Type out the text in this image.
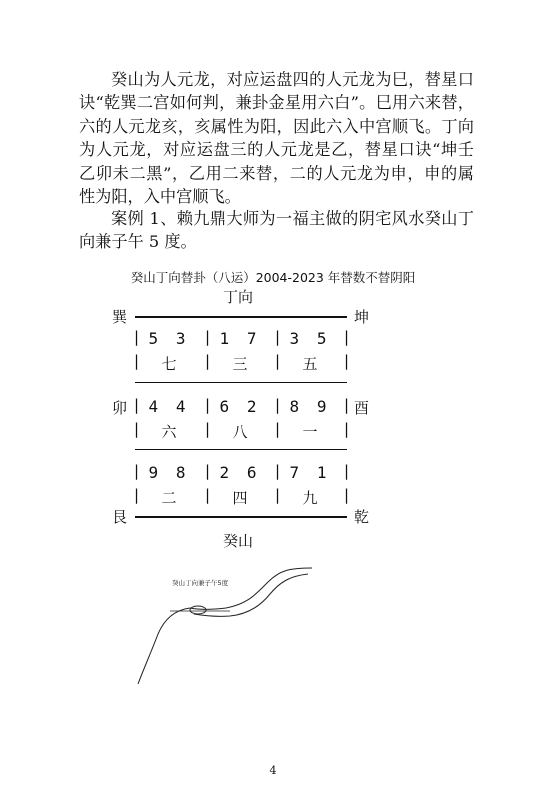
癸山为人元龙，对应运盘四的人元龙为巳，替星口诀“乾巽二宫如何判，兼卦金星用六白”。巳用六来替，六的人元龙亥，亥属性为阳，因此六入中宫顺飞。丁向为人元龙，对应运盘三的人元龙是乙，替星口诀“坤壬乙卯未二黑”，乙用二来替，二的人元龙为申，申的属性为阳，入中宫顺飞。

案例 1、赖九鼎大师为一福主做的阴宅风水癸山丁向兼子午 5 度。

癸山丁向替卦（八运）2004-2023 年替数不替阴阳
丁向
癸山
巽	坤
卯	酉
艮	乾
|	|	|	|
|	|	|	|
|	|	|	|
|	|	|	|
|	|	|	|
|	|	|	|
5 3	1 7	3 5
七	三	五
4 4	6 2	8 9
六	八	一
9 8	2 6	7 1
二	四	九
癸山丁向兼子午5度
4
